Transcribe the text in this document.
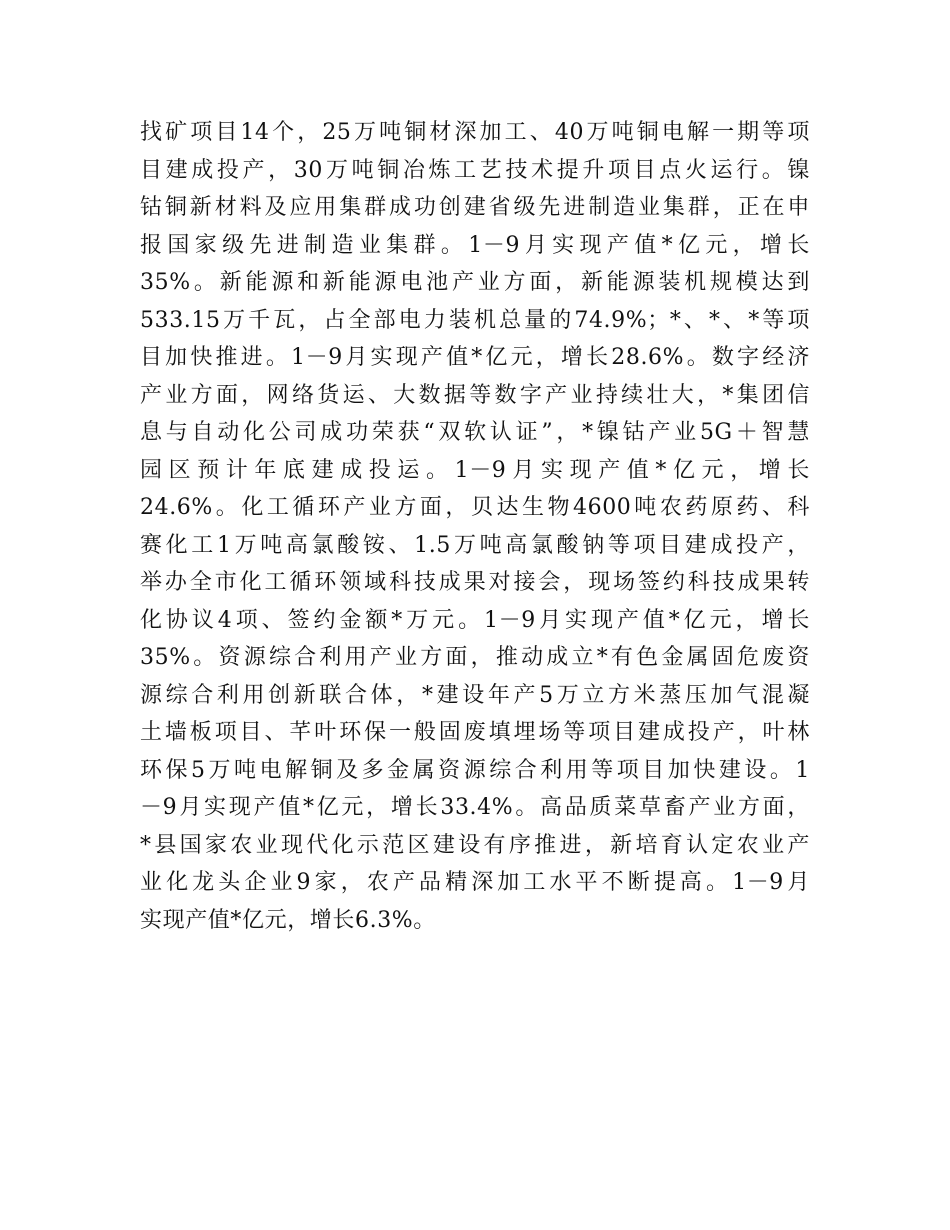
找矿项目14个，25万吨铜材深加工、40万吨铜电解一期等项
目建成投产，30万吨铜冶炼工艺技术提升项目点火运行。镍
钴铜新材料及应用集群成功创建省级先进制造业集群，正在申
报国家级先进制造业集群。1－9月实现产值*亿元，增长
35%。新能源和新能源电池产业方面，新能源装机规模达到
533.15万千瓦，占全部电力装机总量的74.9%；*、*、*等项
目加快推进。1－9月实现产值*亿元，增长28.6%。数字经济
产业方面，网络货运、大数据等数字产业持续壮大，*集团信
息与自动化公司成功荣获“双软认证”，*镍钴产业5G＋智慧
园区预计年底建成投运。1－9月实现产值*亿元，增长
24.6%。化工循环产业方面，贝达生物4600吨农药原药、科
赛化工1万吨高氯酸铵、1.5万吨高氯酸钠等项目建成投产，
举办全市化工循环领域科技成果对接会，现场签约科技成果转
化协议4项、签约金额*万元。1－9月实现产值*亿元，增长
35%。资源综合利用产业方面，推动成立*有色金属固危废资
源综合利用创新联合体，*建设年产5万立方米蒸压加气混凝
土墙板项目、芊叶环保一般固废填埋场等项目建成投产，叶林
环保5万吨电解铜及多金属资源综合利用等项目加快建设。1
－9月实现产值*亿元，增长33.4%。高品质菜草畜产业方面，
*县国家农业现代化示范区建设有序推进，新培育认定农业产
业化龙头企业9家，农产品精深加工水平不断提高。1－9月
实现产值*亿元，增长6.3%。
